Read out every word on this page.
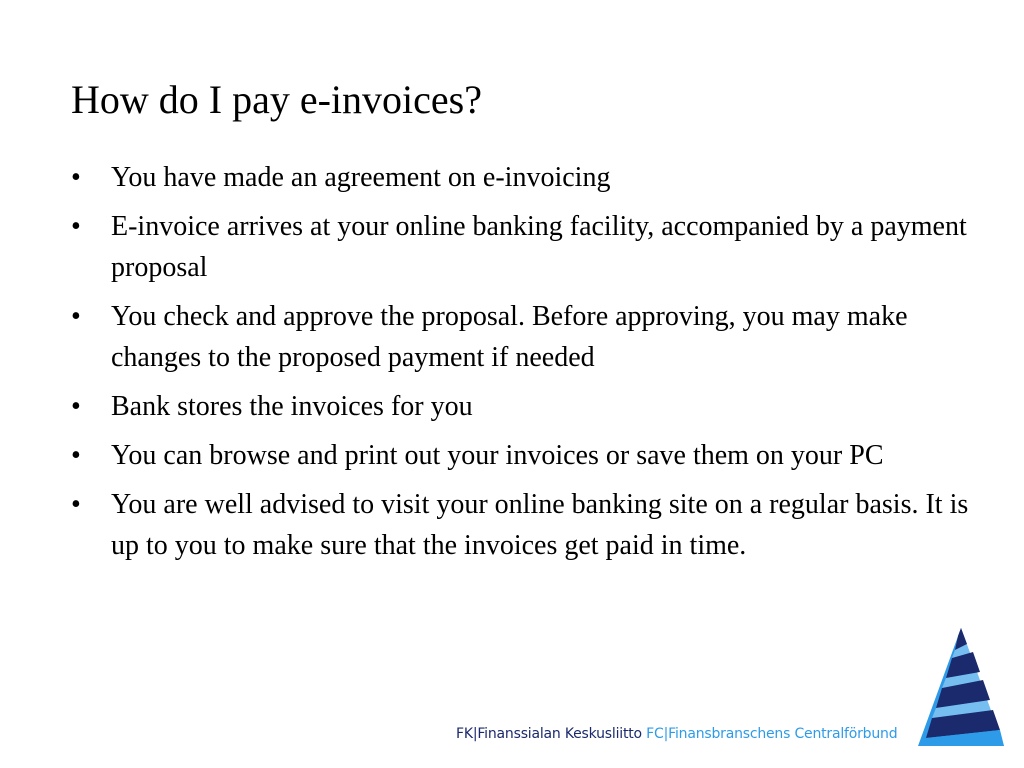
How do I pay e-invoices?
•	You have made an agreement on e-invoicing
•	E-invoice arrives at your online banking facility, accompanied by a payment proposal
•	You check and approve the proposal. Before approving, you may make changes to the proposed payment if needed
•	Bank stores the invoices for you
•	You can browse and print out your invoices or save them on your PC
•	You are well advised to visit your online banking site on a regular basis. It is up to you to make sure that the invoices get paid in time.
FK|Finanssialan Keskusliitto FC|Finansbranschens Centralförbund
